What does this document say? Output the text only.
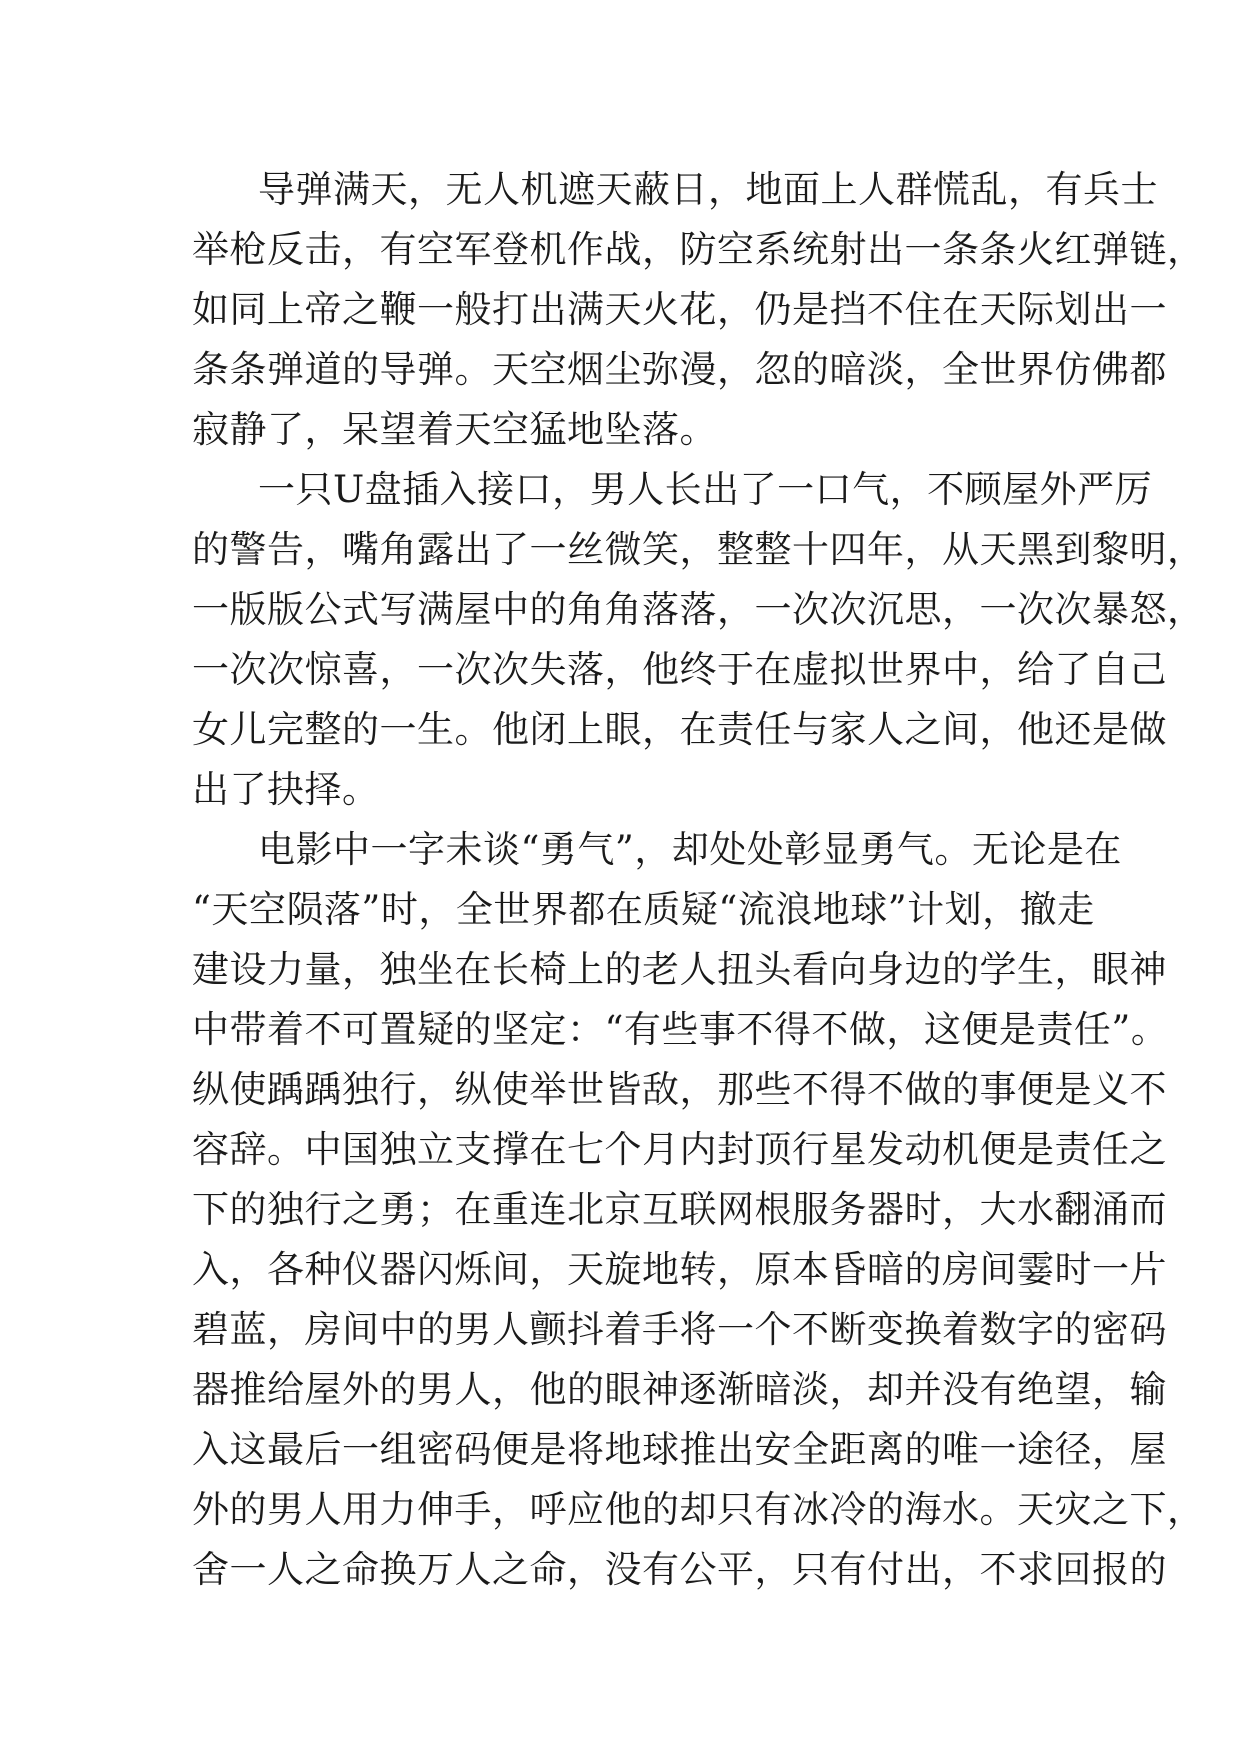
导弹满天，无人机遮天蔽日，地面上人群慌乱，有兵士
举枪反击，有空军登机作战，防空系统射出一条条火红弹链，
如同上帝之鞭一般打出满天火花，仍是挡不住在天际划出一
条条弹道的导弹。天空烟尘弥漫，忽的暗淡，全世界仿佛都
寂静了，呆望着天空猛地坠落。
一只U盘插入接口，男人长出了一口气，不顾屋外严厉
的警告，嘴角露出了一丝微笑，整整十四年，从天黑到黎明，
一版版公式写满屋中的角角落落，一次次沉思，一次次暴怒，
一次次惊喜，一次次失落，他终于在虚拟世界中，给了自己
女儿完整的一生。他闭上眼，在责任与家人之间，他还是做
出了抉择。
电影中一字未谈“勇气”，却处处彰显勇气。无论是在
“天空陨落”时，全世界都在质疑“流浪地球”计划，撤走
建设力量，独坐在长椅上的老人扭头看向身边的学生，眼神
中带着不可置疑的坚定：“有些事不得不做，这便是责任”。
纵使踽踽独行，纵使举世皆敌，那些不得不做的事便是义不
容辞。中国独立支撑在七个月内封顶行星发动机便是责任之
下的独行之勇；在重连北京互联网根服务器时，大水翻涌而
入，各种仪器闪烁间，天旋地转，原本昏暗的房间霎时一片
碧蓝，房间中的男人颤抖着手将一个不断变换着数字的密码
器推给屋外的男人，他的眼神逐渐暗淡，却并没有绝望，输
入这最后一组密码便是将地球推出安全距离的唯一途径，屋
外的男人用力伸手，呼应他的却只有冰冷的海水。天灾之下，
舍一人之命换万人之命，没有公平，只有付出，不求回报的
